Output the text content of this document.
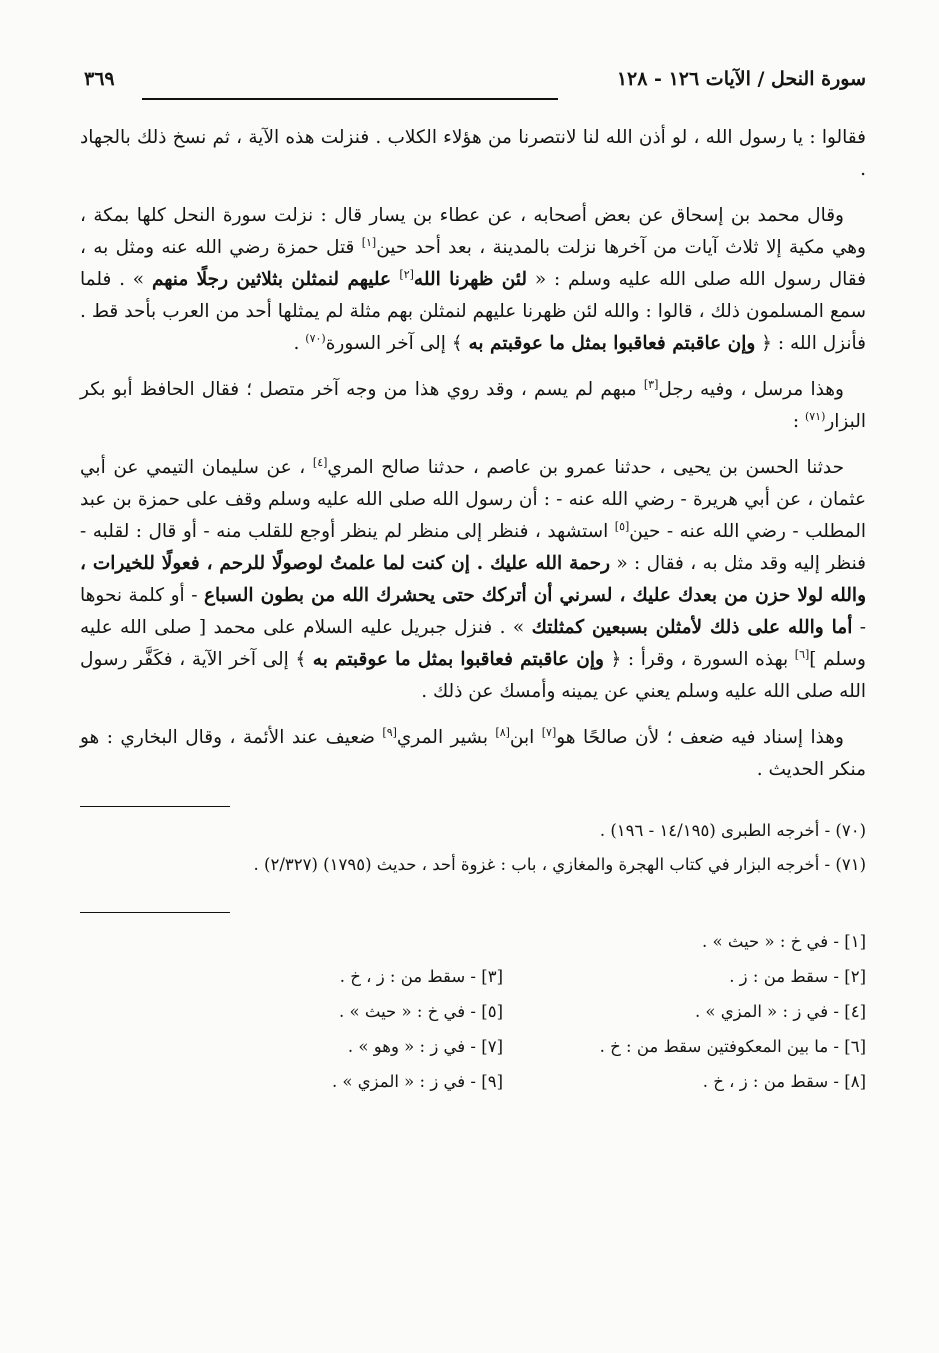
سورة النحل / الآيات ١٢٦ - ١٢٨
٣٦٩

فقالوا : يا رسول الله ، لو أذن الله لنا لانتصرنا من هؤلاء الكلاب . فنزلت هذه الآية ، ثم نسخ ذلك بالجهاد .

وقال محمد بن إسحاق عن بعض أصحابه ، عن عطاء بن يسار قال : نزلت سورة النحل كلها بمكة ، وهي مكية إلا ثلاث آيات من آخرها نزلت بالمدينة ، بعد أحد حين[١] قتل حمزة رضي الله عنه ومثل به ، فقال رسول الله صلى الله عليه وسلم : « لئن ظهرنا الله[٢] عليهم لنمثلن بثلاثين رجلًا منهم » . فلما سمع المسلمون ذلك ، قالوا : والله لئن ظهرنا عليهم لنمثلن بهم مثلة لم يمثلها أحد من العرب بأحد قط . فأنزل الله : ﴿ وإن عاقبتم فعاقبوا بمثل ما عوقبتم به ﴾ إلى آخر السورة$^{(٧٠)}$ .

وهذا مرسل ، وفيه رجل[٣] مبهم لم يسم ، وقد روي هذا من وجه آخر متصل ؛ فقال الحافظ أبو بكر البزار$^{(٧١)}$ :

حدثنا الحسن بن يحيى ، حدثنا عمرو بن عاصم ، حدثنا صالح المري[٤] ، عن سليمان التيمي عن أبي عثمان ، عن أبي هريرة - رضي الله عنه - : أن رسول الله صلى الله عليه وسلم وقف على حمزة بن عبد المطلب - رضي الله عنه - حين[٥] استشهد ، فنظر إلى منظر لم ينظر أوجع للقلب منه - أو قال : لقلبه - فنظر إليه وقد مثل به ، فقال : « رحمة الله عليك . إن كنت لما علمتُ لوصولًا للرحم ، فعولًا للخيرات ، والله لولا حزن من بعدك عليك ، لسرني أن أتركك حتى يحشرك الله من بطون السباع - أو كلمة نحوها - أما والله على ذلك لأمثلن بسبعين كمثلتك » . فنزل جبريل عليه السلام على محمد [ صلى الله عليه وسلم ][٦] بهذه السورة ، وقرأ : ﴿ وإن عاقبتم فعاقبوا بمثل ما عوقبتم به ﴾ إلى آخر الآية ، فكَفَّر رسول الله صلى الله عليه وسلم يعني عن يمينه وأمسك عن ذلك .

وهذا إسناد فيه ضعف ؛ لأن صالحًا هو[٧] ابن[٨] بشير المري[٩] ضعيف عند الأئمة ، وقال البخاري : هو منكر الحديث .

(٧٠) - أخرجه الطبرى (١٤/١٩٥ - ١٩٦) .
(٧١) - أخرجه البزار في كتاب الهجرة والمغازي ، باب : غزوة أحد ، حديث (١٧٩٥) (٢/٣٢٧) .
[١] - في خ : « حيث » .
[٢] - سقط من : ز .
[٣] - سقط من : ز ، خ .
[٤] - في ز : « المزي » .
[٥] - في خ : « حيث » .
[٦] - ما بين المعكوفتين سقط من : خ .
[٧] - في ز : « وهو » .
[٨] - سقط من : ز ، خ .
[٩] - في ز : « المزي » .
